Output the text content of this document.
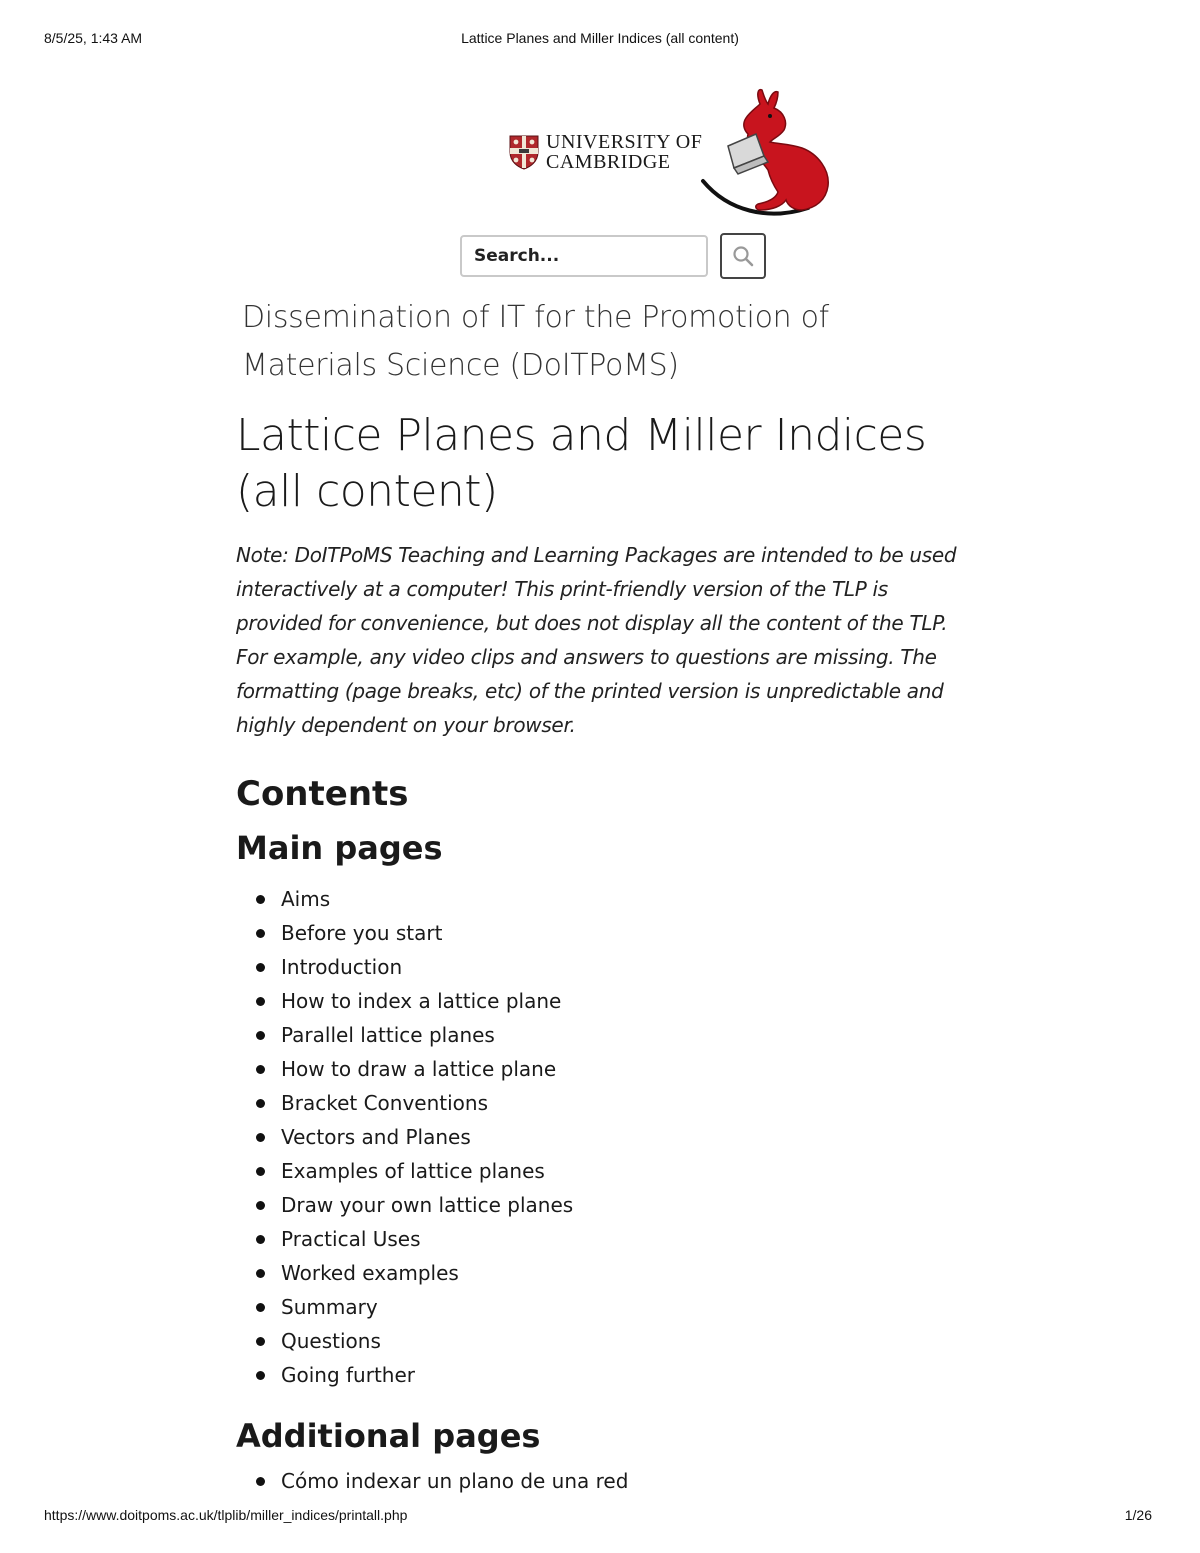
8/5/25, 1:43 AM	Lattice Planes and Miller Indices (all content)
UNIVERSITY OF
CAMBRIDGE
Search...
Dissemination of IT for the Promotion of Materials Science (DoITPoMS)
Lattice Planes and Miller Indices (all content)

Note: DoITPoMS Teaching and Learning Packages are intended to be used interactively at a computer! This print-friendly version of the TLP is provided for convenience, but does not display all the content of the TLP. For example, any video clips and answers to questions are missing. The formatting (page breaks, etc) of the printed version is unpredictable and highly dependent on your browser.

Contents
Main pages
Aims
Before you start
Introduction
How to index a lattice plane
Parallel lattice planes
How to draw a lattice plane
Bracket Conventions
Vectors and Planes
Examples of lattice planes
Draw your own lattice planes
Practical Uses
Worked examples
Summary
Questions
Going further
Additional pages
Cómo indexar un plano de una red
https://www.doitpoms.ac.uk/tlplib/miller_indices/printall.php	1/26
